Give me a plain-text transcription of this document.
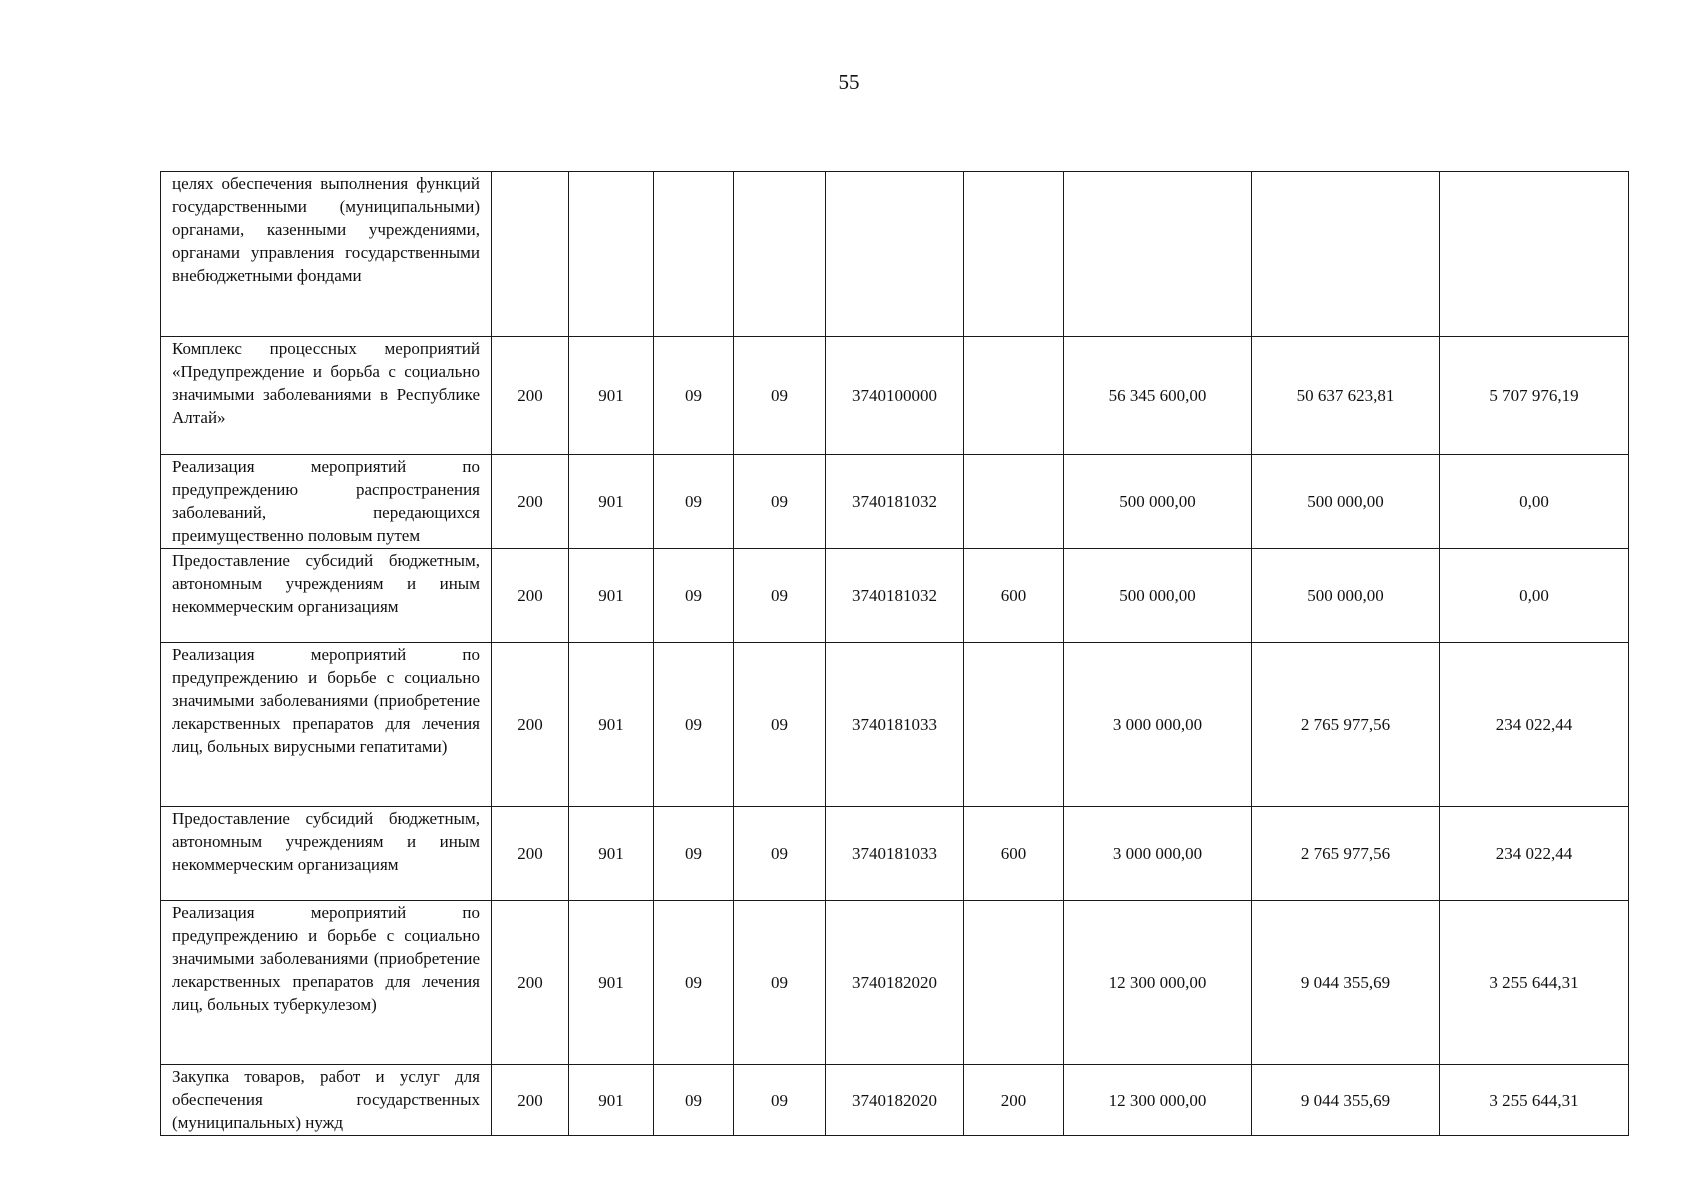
55
целях обеспечения выполнения функций государственными (муниципальными) органами, казенными учреждениями, органами управления государственными внебюджетными фондами									
Комплекс процессных мероприятий «Предупреждение и борьба с социально значимыми заболеваниями в Республике Алтай»	200	901	09	09	3740100000		56 345 600,00	50 637 623,81	5 707 976,19
Реализация мероприятий по предупреждению распространения заболеваний, передающихся преимущественно половым путем	200	901	09	09	3740181032		500 000,00	500 000,00	0,00
Предоставление субсидий бюджетным, автономным учреждениям и иным некоммерческим организациям	200	901	09	09	3740181032	600	500 000,00	500 000,00	0,00
Реализация мероприятий по предупреждению и борьбе с социально значимыми заболеваниями (приобретение лекарственных препаратов для лечения лиц, больных вирусными гепатитами)	200	901	09	09	3740181033		3 000 000,00	2 765 977,56	234 022,44
Предоставление субсидий бюджетным, автономным учреждениям и иным некоммерческим организациям	200	901	09	09	3740181033	600	3 000 000,00	2 765 977,56	234 022,44
Реализация мероприятий по предупреждению и борьбе с социально значимыми заболеваниями (приобретение лекарственных препаратов для лечения лиц, больных туберкулезом)	200	901	09	09	3740182020		12 300 000,00	9 044 355,69	3 255 644,31
Закупка товаров, работ и услуг для обеспечения государственных (муниципальных) нужд	200	901	09	09	3740182020	200	12 300 000,00	9 044 355,69	3 255 644,31
